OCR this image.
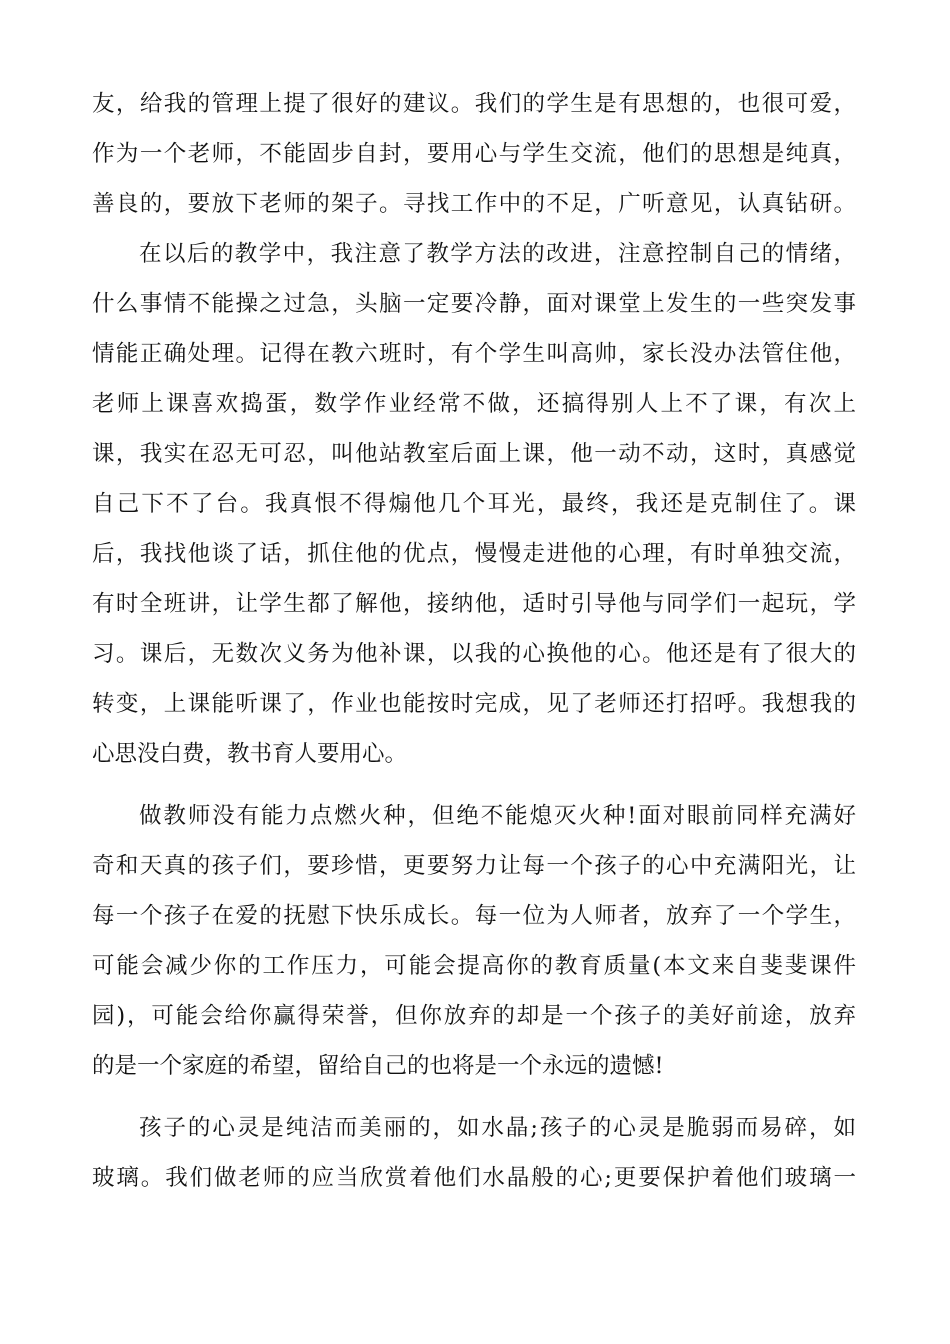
友，给我的管理上提了很好的建议。我们的学生是有思想的，也很可爱，
作为一个老师，不能固步自封，要用心与学生交流，他们的思想是纯真，
善良的，要放下老师的架子。寻找工作中的不足，广听意见，认真钻研。
在以后的教学中，我注意了教学方法的改进，注意控制自己的情绪，
什么事情不能操之过急，头脑一定要冷静，面对课堂上发生的一些突发事
情能正确处理。记得在教六班时，有个学生叫高帅，家长没办法管住他，
老师上课喜欢捣蛋，数学作业经常不做，还搞得别人上不了课，有次上
课，我实在忍无可忍，叫他站教室后面上课，他一动不动，这时，真感觉
自己下不了台。我真恨不得煽他几个耳光，最终，我还是克制住了。课
后，我找他谈了话，抓住他的优点，慢慢走进他的心理，有时单独交流，
有时全班讲，让学生都了解他，接纳他，适时引导他与同学们一起玩，学
习。课后，无数次义务为他补课，以我的心换他的心。他还是有了很大的
转变，上课能听课了，作业也能按时完成，见了老师还打招呼。我想我的
心思没白费，教书育人要用心。
做教师没有能力点燃火种，但绝不能熄灭火种!面对眼前同样充满好
奇和天真的孩子们，要珍惜，更要努力让每一个孩子的心中充满阳光，让
每一个孩子在爱的抚慰下快乐成长。每一位为人师者，放弃了一个学生，
可能会减少你的工作压力，可能会提高你的教育质量(本文来自斐斐课件
园)，可能会给你赢得荣誉，但你放弃的却是一个孩子的美好前途，放弃
的是一个家庭的希望，留给自己的也将是一个永远的遗憾!
孩子的心灵是纯洁而美丽的，如水晶;孩子的心灵是脆弱而易碎，如
玻璃。我们做老师的应当欣赏着他们水晶般的心;更要保护着他们玻璃一
